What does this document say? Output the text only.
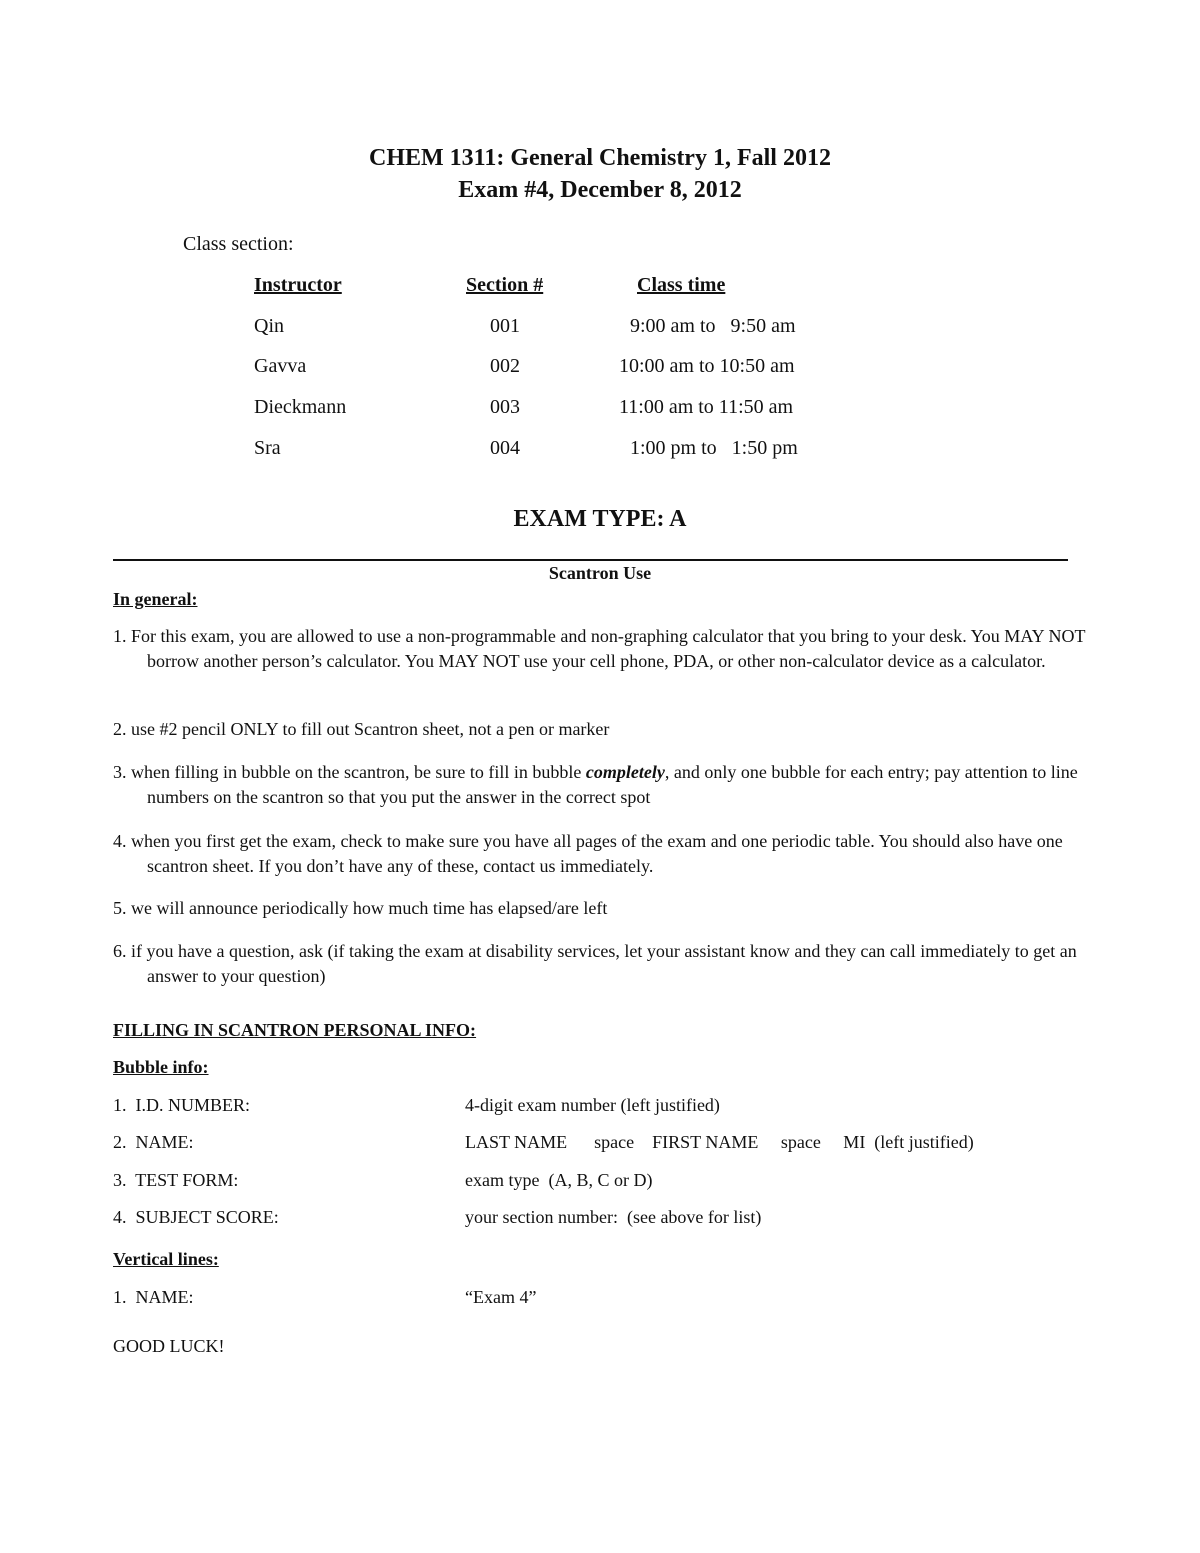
CHEM 1311: General Chemistry 1, Fall 2012
Exam #4, December 8, 2012
Class section:
Instructor	Section #	Class time
Qin	001	9:00 am to   9:50 am
Gavva	002	10:00 am to 10:50 am
Dieckmann	003	11:00 am to 11:50 am
Sra	004	1:00 pm to   1:50 pm
EXAM TYPE: A
Scantron Use
In general:
1. For this exam, you are allowed to use a non-programmable and non-graphing calculator that you bring to your desk. You MAY NOT borrow another person’s calculator. You MAY NOT use your cell phone, PDA, or other non-calculator device as a calculator.
2. use #2 pencil ONLY to fill out Scantron sheet, not a pen or marker
3. when filling in bubble on the scantron, be sure to fill in bubble completely, and only one bubble for each entry; pay attention to line numbers on the scantron so that you put the answer in the correct spot
4. when you first get the exam, check to make sure you have all pages of the exam and one periodic table. You should also have one scantron sheet. If you don’t have any of these, contact us immediately.
5. we will announce periodically how much time has elapsed/are left
6. if you have a question, ask (if taking the exam at disability services, let your assistant know and they can call immediately to get an answer to your question)
FILLING IN SCANTRON PERSONAL INFO:
Bubble info:
1.  I.D. NUMBER:	4-digit exam number (left justified)
2.  NAME:	LAST NAME      space    FIRST NAME     space     MI  (left justified)
3.  TEST FORM:	exam type  (A, B, C or D)
4.  SUBJECT SCORE:	your section number:  (see above for list)
Vertical lines:
1.  NAME:	“Exam 4”
GOOD LUCK!
